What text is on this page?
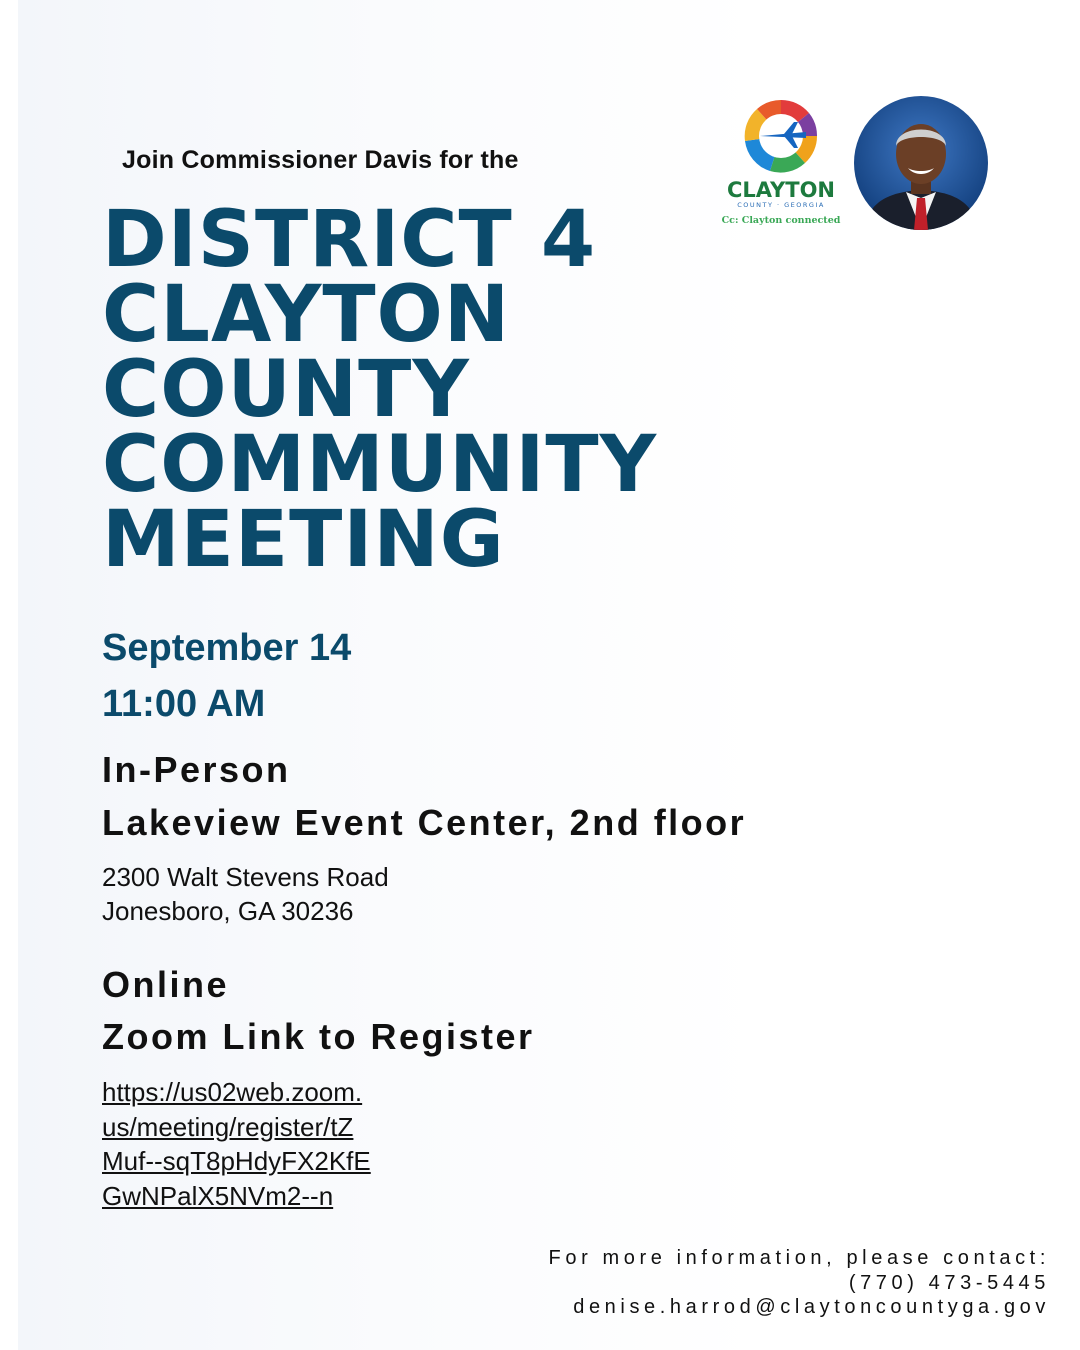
Join Commissioner Davis for the
DISTRICT 4
CLAYTON
COUNTY
COMMUNITY
MEETING
September 14
11:00 AM
In-Person
Lakeview Event Center, 2nd floor
2300 Walt Stevens Road
Jonesboro, GA 30236
Online
Zoom Link to Register
https://us02web.zoom.us/meeting/register/tZMuf--sqT8pHdyFX2KfEGwNPalX5NVm2--n
For more information, please contact:
(770) 473-5445
denise.harrod@claytoncountyga.gov
CLAYTON
COUNTY · GEORGIA
Cc: Clayton connected
